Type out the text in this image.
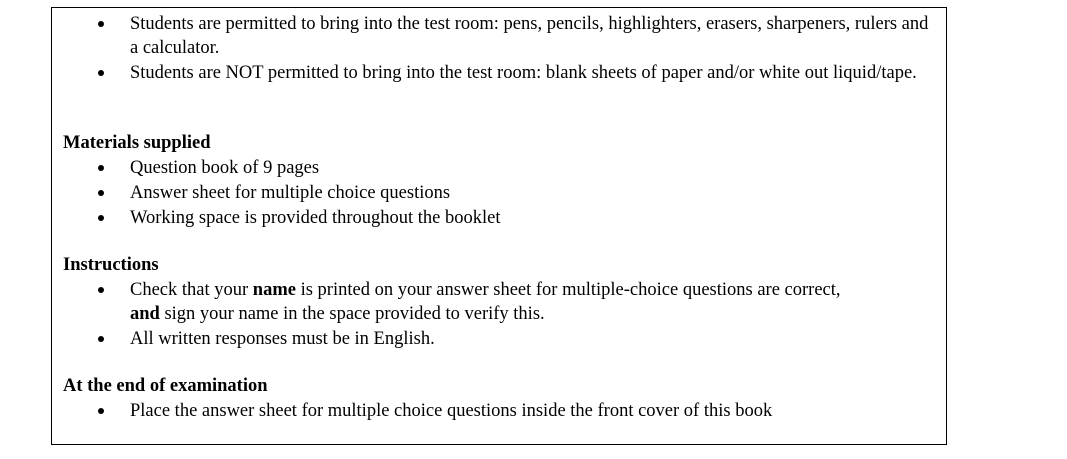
Students are permitted to bring into the test room: pens, pencils, highlighters, erasers, sharpeners, rulers and a calculator.
Students are NOT permitted to bring into the test room: blank sheets of paper and/or white out liquid/tape.
Materials supplied
Question book of 9 pages
Answer sheet for multiple choice questions
Working space is provided throughout the booklet
Instructions
Check that your name is printed on your answer sheet for multiple-choice questions are correct,
and sign your name in the space provided to verify this.
All written responses must be in English.
At the end of examination
Place the answer sheet for multiple choice questions inside the front cover of this book
